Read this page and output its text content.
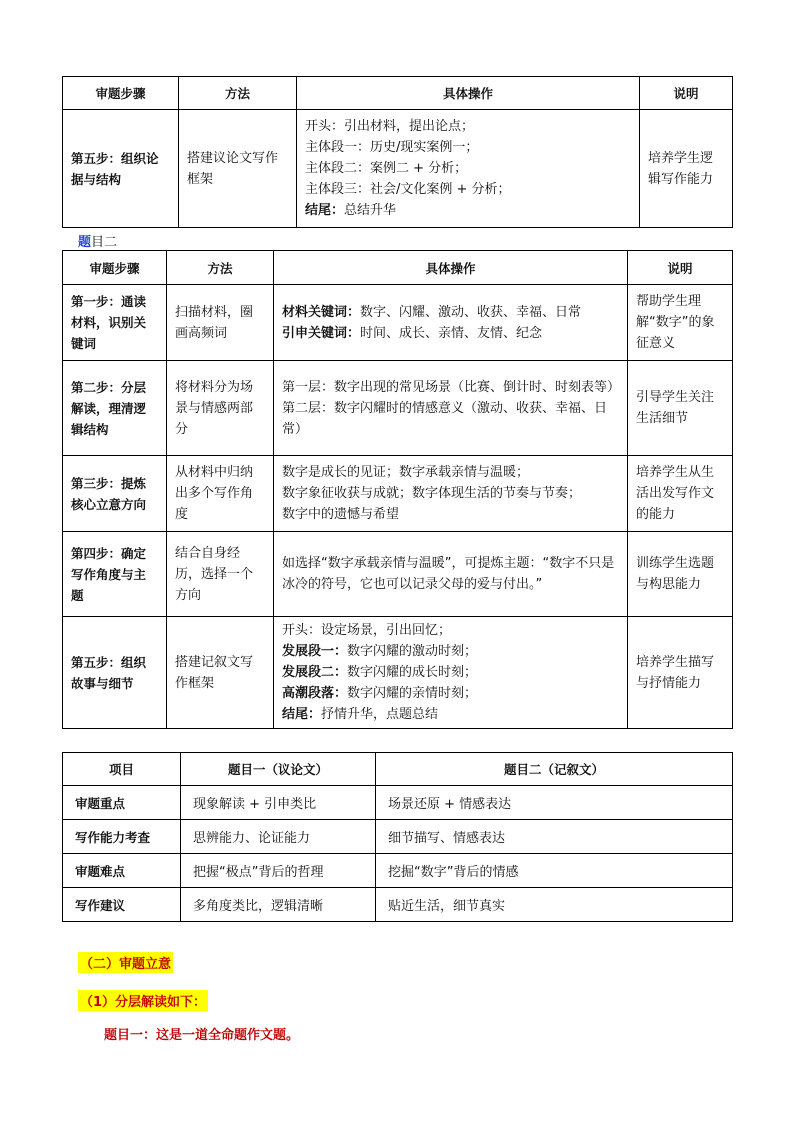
审题步骤	方法	具体操作	说明
第五步：组织论据与结构	搭建议论文写作框架	开头：引出材料，提出论点；
主体段一：历史/现实案例一；
主体段二：案例二 + 分析；
主体段三：社会/文化案例 + 分析；
结尾：总结升华	培养学生逻辑写作能力
题目二
审题步骤	方法	具体操作	说明
第一步：通读材料，识别关键词	扫描材料，圈画高频词	材料关键词：数字、闪耀、激动、收获、幸福、日常
引申关键词：时间、成长、亲情、友情、纪念	帮助学生理解“数字”的象征意义
第二步：分层解读，理清逻辑结构	将材料分为场景与情感两部分	第一层：数字出现的常见场景（比赛、倒计时、时刻表等）
第二层：数字闪耀时的情感意义（激动、收获、幸福、日常）	引导学生关注生活细节
第三步：提炼核心立意方向	从材料中归纳出多个写作角度	数字是成长的见证；数字承载亲情与温暖；
数字象征收获与成就；数字体现生活的节奏与节奏；
数字中的遗憾与希望	培养学生从生活出发写作文的能力
第四步：确定写作角度与主题	结合自身经历，选择一个方向	如选择“数字承载亲情与温暖”，可提炼主题：“数字不只是冰冷的符号，它也可以记录父母的爱与付出。”	训练学生选题与构思能力
第五步：组织故事与细节	搭建记叙文写作框架	开头：设定场景，引出回忆；
发展段一：数字闪耀的激动时刻；
发展段二：数字闪耀的成长时刻；
高潮段落：数字闪耀的亲情时刻；
结尾：抒情升华，点题总结	培养学生描写与抒情能力
项目	题目一（议论文）	题目二（记叙文）
审题重点	现象解读 + 引申类比	场景还原 + 情感表达
写作能力考查	思辨能力、论证能力	细节描写、情感表达
审题难点	把握“极点”背后的哲理	挖掘“数字”背后的情感
写作建议	多角度类比，逻辑清晰	贴近生活，细节真实
（二）审题立意
（1）分层解读如下：
题目一：这是一道全命题作文题。
